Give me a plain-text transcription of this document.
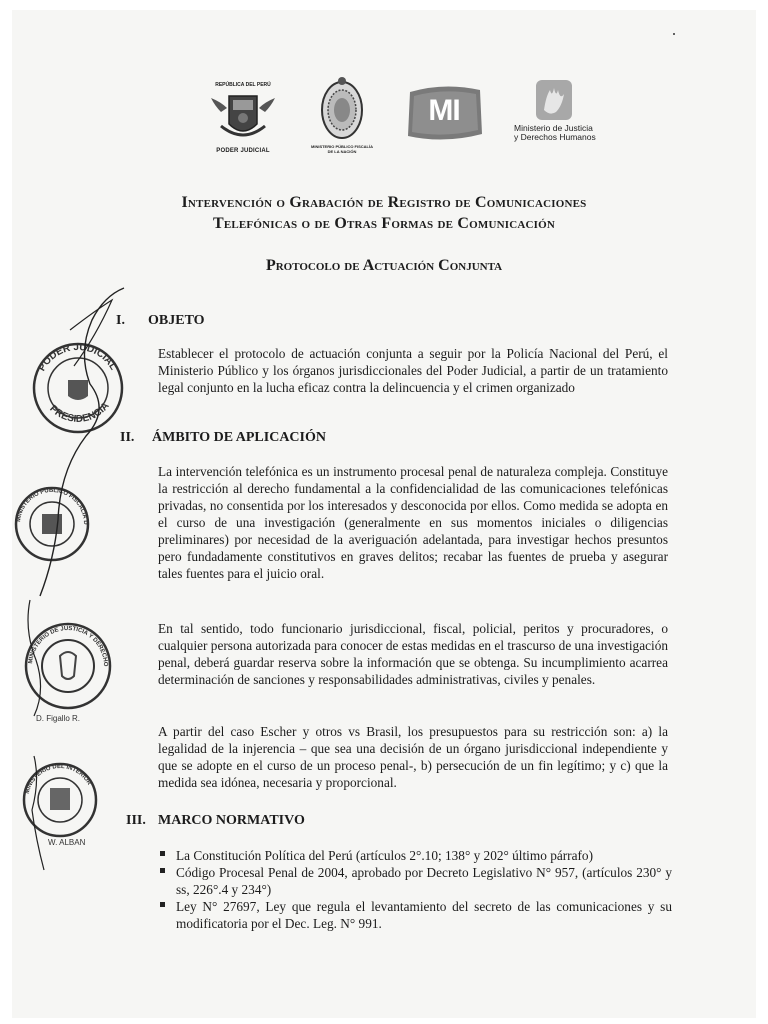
REPÚBLICA DEL PERÚ
PODER JUDICIAL
MINISTERIO PÚBLICO FISCALÍA DE LA NACIÓN
MI
Ministerio de Justicia
y Derechos Humanos
Intervención o Grabación de Registro de Comunicaciones
Telefónicas o de Otras Formas de Comunicación
Protocolo de Actuación Conjunta
I. OBJETO
Establecer el protocolo de actuación conjunta a seguir por la Policía Nacional del Perú, el Ministerio Público y los órganos jurisdiccionales del Poder Judicial, a partir de un tratamiento legal conjunto en la lucha eficaz contra la delincuencia y el crimen organizado
II. ÁMBITO DE APLICACIÓN
La intervención telefónica es un instrumento procesal penal de naturaleza compleja. Constituye la restricción al derecho fundamental a la confidencialidad de las comunicaciones telefónicas privadas, no consentida por los interesados y desconocida por ellos. Como medida se adopta en el curso de una investigación (generalmente en sus momentos iniciales o diligencias preliminares) por necesidad de la averiguación adelantada, para investigar hechos presuntos pero fundadamente constitutivos en graves delitos; recabar las fuentes de prueba y asegurar tales fuentes para el juicio oral.
En tal sentido, todo funcionario jurisdiccional, fiscal, policial, peritos y procuradores, o cualquier persona autorizada para conocer de estas medidas en el trascurso de una investigación penal, deberá guardar reserva sobre la información que se obtenga. Su incumplimiento acarrea determinación de sanciones y responsabilidades administrativas, civiles y penales.
A partir del caso Escher y otros vs Brasil, los presupuestos para su restricción son: a) la legalidad de la injerencia – que sea una decisión de un órgano jurisdiccional independiente y que se adopte en el curso de un proceso penal-, b) persecución de un fin legítimo; y c) que la medida sea idónea, necesaria y proporcional.
III. MARCO NORMATIVO
La Constitución Política del Perú (artículos 2°.10; 138° y 202° último párrafo)
Código Procesal Penal de 2004, aprobado por Decreto Legislativo N° 957, (artículos 230° y ss, 226°.4 y 234°)
Ley N° 27697, Ley que regula el levantamiento del secreto de las comunicaciones y su modificatoria por el Dec. Leg. N° 991.
PODER JUDICIAL
PRESIDENCIA
MINISTERIO PÚBLICO FISCALÍA D
MINISTERIO DE JUSTICIA Y DERECHO
D. Figallo R.
MINISTERIO DEL INTERIOR
W. ALBAN
